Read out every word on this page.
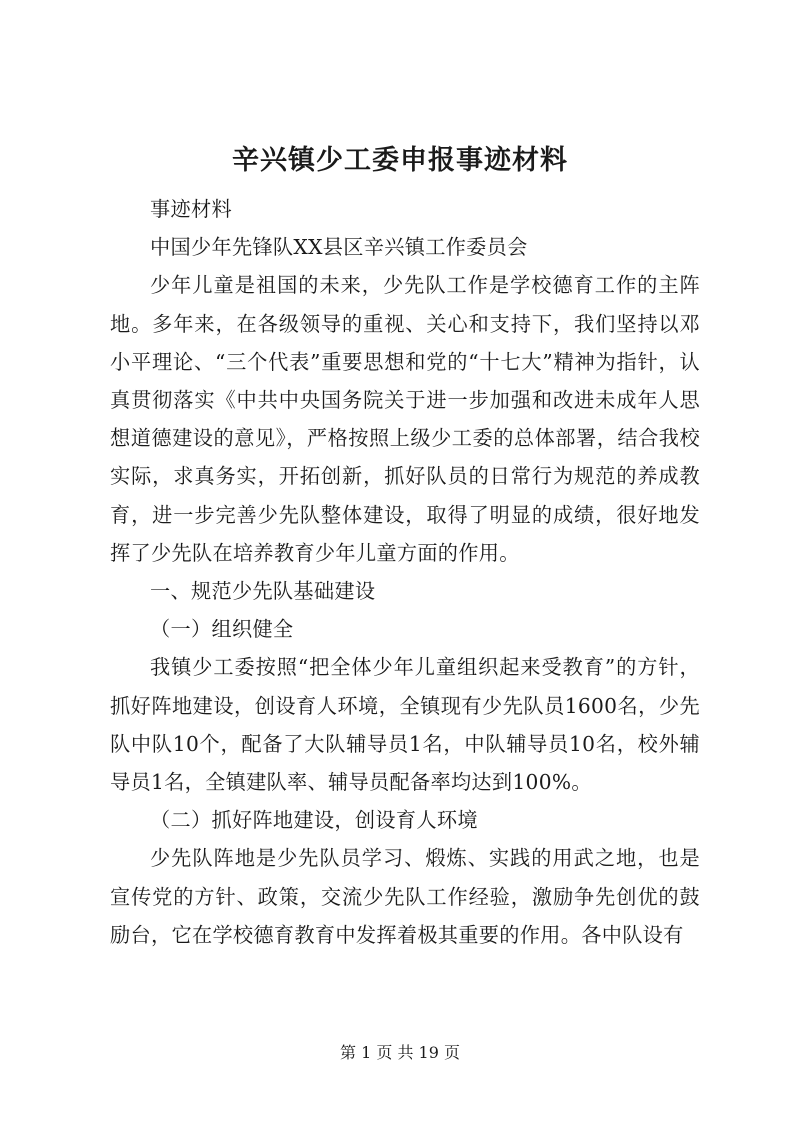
辛兴镇少工委申报事迹材料

事迹材料

中国少年先锋队XX县区辛兴镇工作委员会

少年儿童是祖国的未来，少先队工作是学校德育工作的主阵地。多年来，在各级领导的重视、关心和支持下，我们坚持以邓小平理论、“三个代表”重要思想和党的“十七大”精神为指针，认真贯彻落实《中共中央国务院关于进一步加强和改进未成年人思想道德建设的意见》，严格按照上级少工委的总体部署，结合我校实际，求真务实，开拓创新，抓好队员的日常行为规范的养成教育，进一步完善少先队整体建设，取得了明显的成绩，很好地发挥了少先队在培养教育少年儿童方面的作用。

一、规范少先队基础建设

（一）组织健全

我镇少工委按照“把全体少年儿童组织起来受教育”的方针，抓好阵地建设，创设育人环境，全镇现有少先队员1600名，少先队中队10个，配备了大队辅导员1名，中队辅导员10名，校外辅导员1名，全镇建队率、辅导员配备率均达到100%。

（二）抓好阵地建设，创设育人环境

少先队阵地是少先队员学习、煅炼、实践的用武之地，也是宣传党的方针、政策，交流少先队工作经验，激励争先创优的鼓励台，它在学校德育教育中发挥着极其重要的作用。各中队设有

第 1 页 共 19 页
